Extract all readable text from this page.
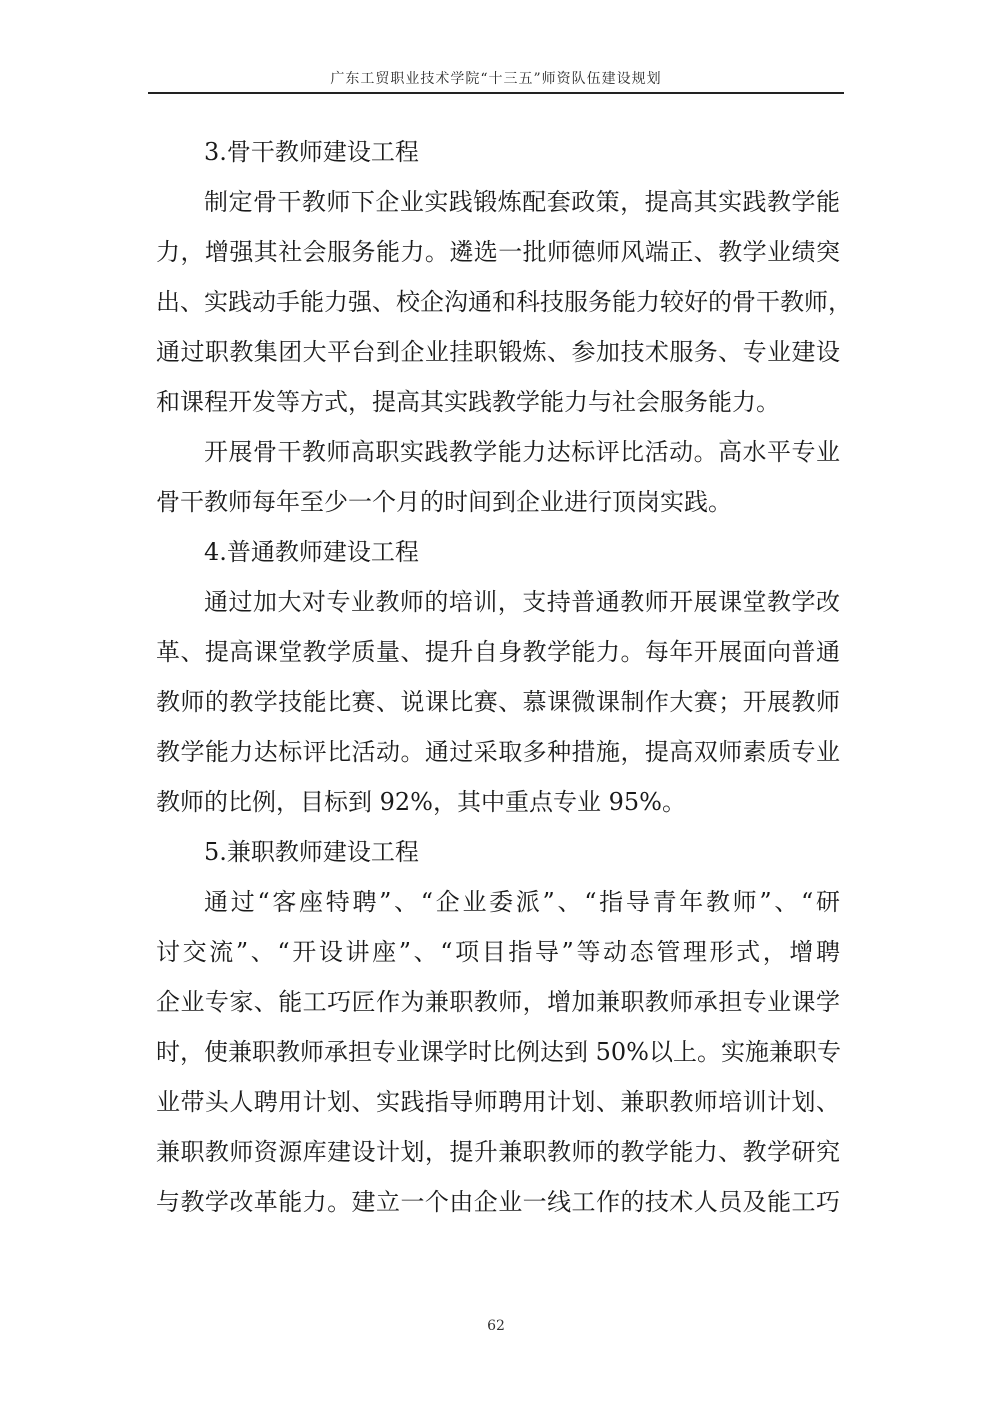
广东工贸职业技术学院“十三五”师资队伍建设规划

3.骨干教师建设工程

制定骨干教师下企业实践锻炼配套政策，提高其实践教学能

力，增强其社会服务能力。遴选一批师德师风端正、教学业绩突

出、实践动手能力强、校企沟通和科技服务能力较好的骨干教师，

通过职教集团大平台到企业挂职锻炼、参加技术服务、专业建设

和课程开发等方式，提高其实践教学能力与社会服务能力。

开展骨干教师高职实践教学能力达标评比活动。高水平专业

骨干教师每年至少一个月的时间到企业进行顶岗实践。

4.普通教师建设工程

通过加大对专业教师的培训，支持普通教师开展课堂教学改

革、提高课堂教学质量、提升自身教学能力。每年开展面向普通

教师的教学技能比赛、说课比赛、慕课微课制作大赛；开展教师

教学能力达标评比活动。通过采取多种措施，提高双师素质专业

教师的比例，目标到 92%，其中重点专业 95%。

5.兼职教师建设工程

通过“客座特聘”、“企业委派”、“指导青年教师”、“研

讨交流”、“开设讲座”、“项目指导”等动态管理形式，增聘

企业专家、能工巧匠作为兼职教师，增加兼职教师承担专业课学

时，使兼职教师承担专业课学时比例达到 50%以上。实施兼职专

业带头人聘用计划、实践指导师聘用计划、兼职教师培训计划、

兼职教师资源库建设计划，提升兼职教师的教学能力、教学研究

与教学改革能力。建立一个由企业一线工作的技术人员及能工巧

62
